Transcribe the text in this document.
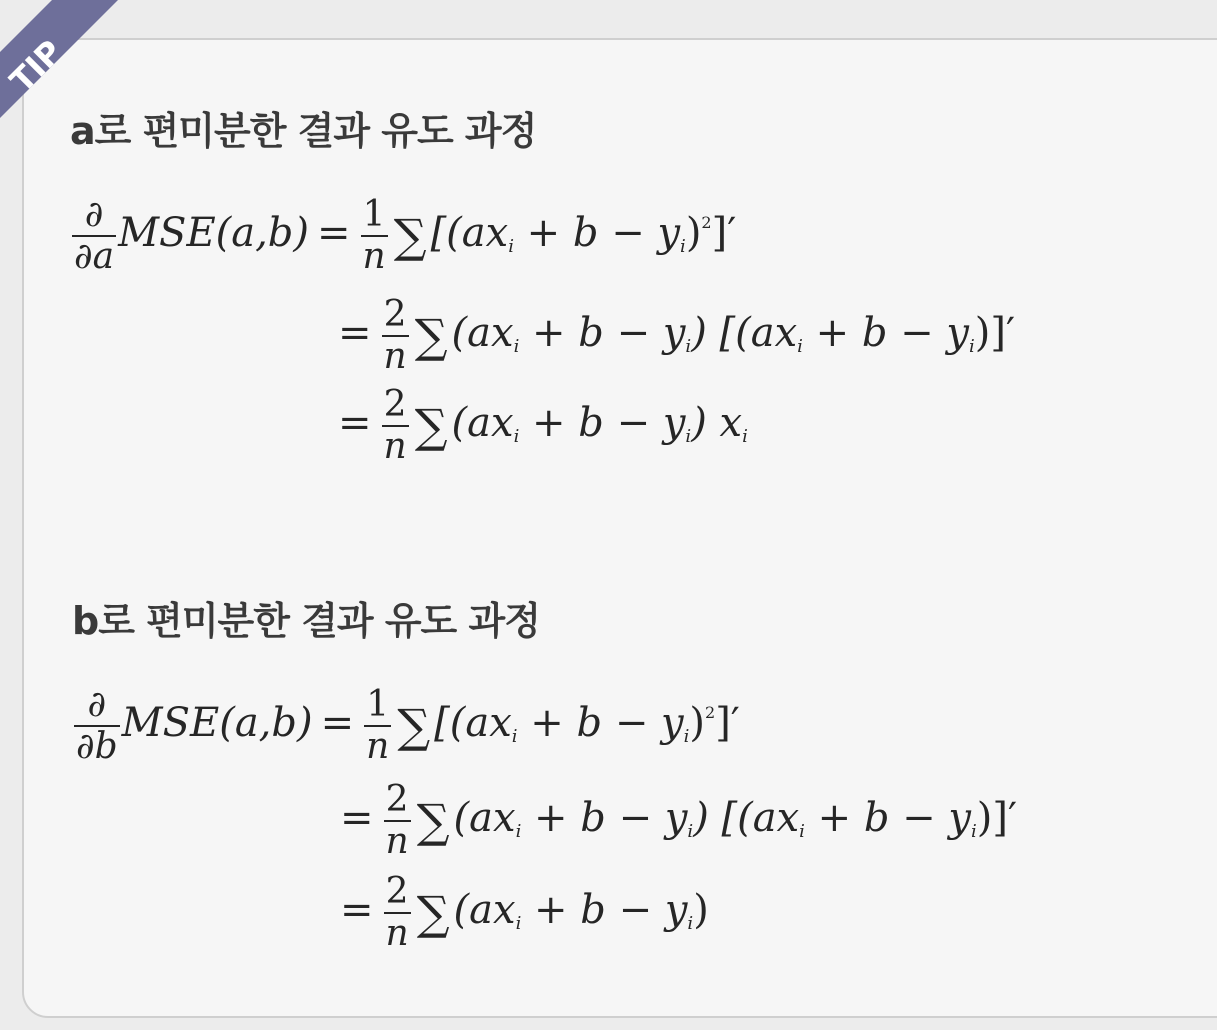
TIP

a로 편미분한 결과 유도 과정
$\frac{\partial}{\partial a} MSE(a,b) = \frac{1}{n}$ ∑ $[(ax_i + b - y_i)^2]'$
= $\frac{2}{n}$ ∑ $(ax_i + b - y_i) [(ax_i + b - y_i)]'$
= $\frac{2}{n}$ ∑ $(ax_i + b - y_i)$ $x_i$
b로 편미분한 결과 유도 과정
$\frac{\partial}{\partial b} MSE(a,b) = \frac{1}{n}$ ∑ $[(ax_i + b - y_i)^2]'$
= $\frac{2}{n}$ ∑ $(ax_i + b - y_i) [(ax_i + b - y_i)]'$
= $\frac{2}{n}$ ∑ $(ax_i + b - y_i)$
